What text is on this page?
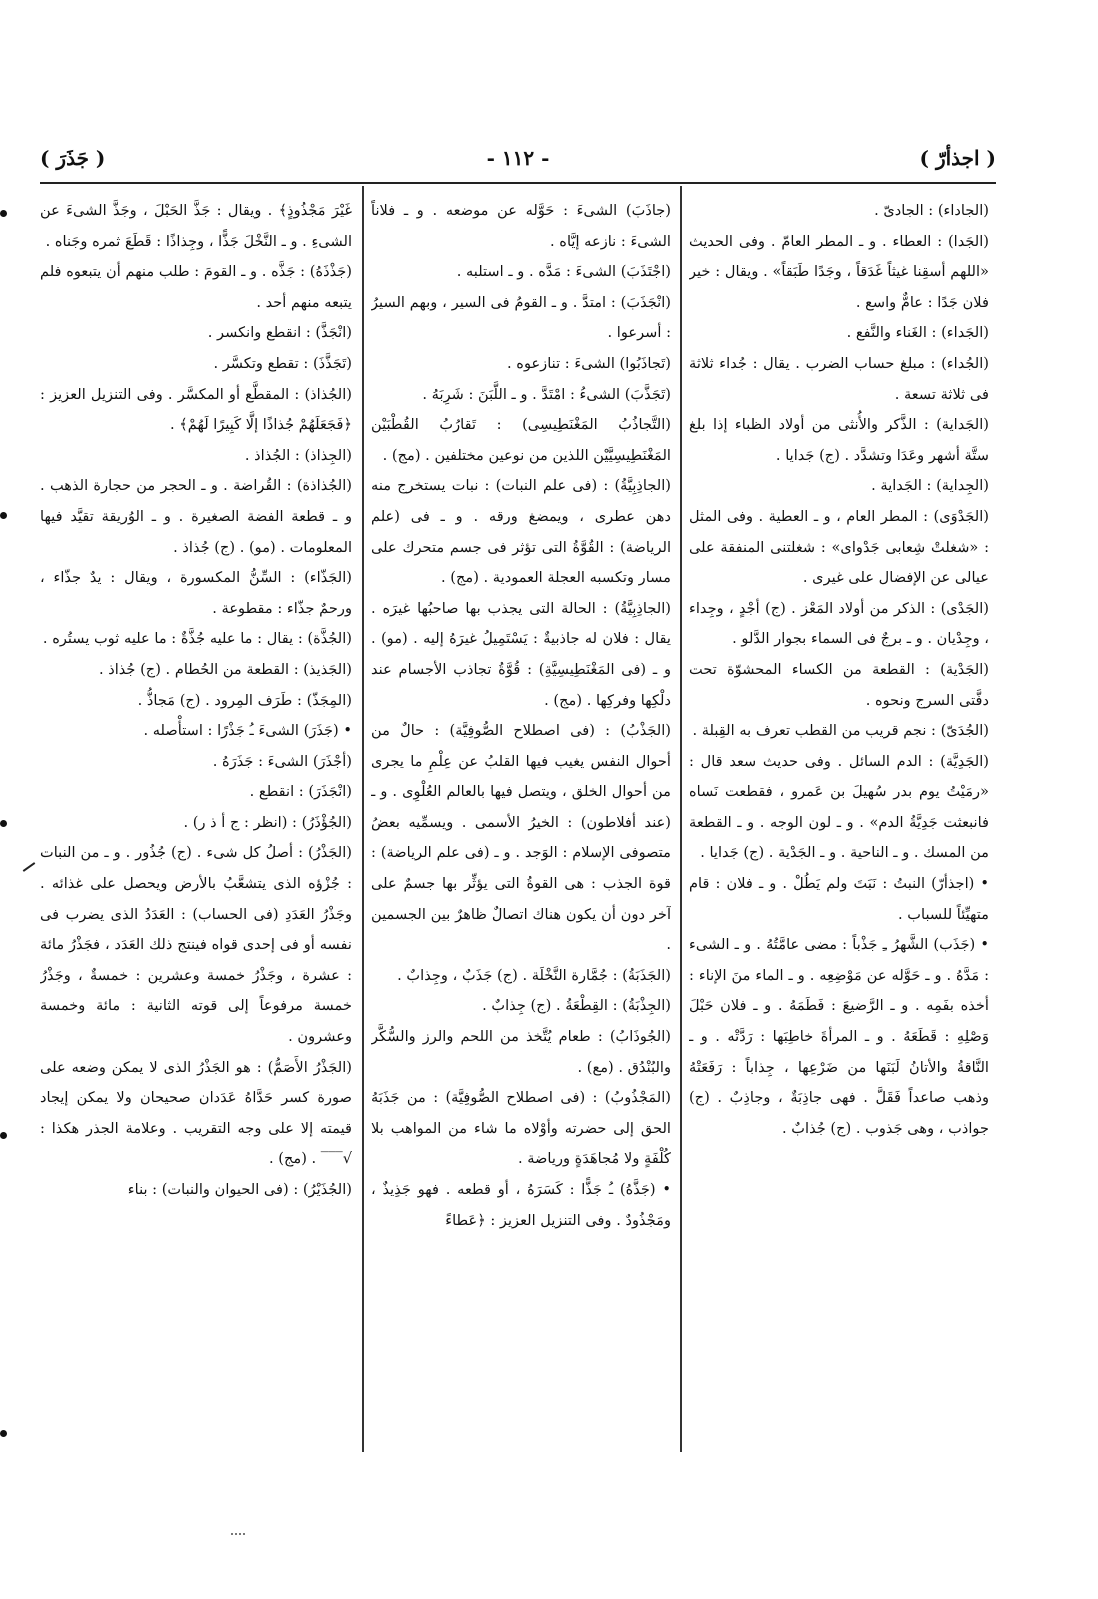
( اجذأرّ )
- ١١٢ -
( جَذَرَ )

(الجاداء) : الجادىّ .

(الجَدا) : العطاء . و ـ المطر العامّ . وفى الحديث «اللهم أسقِنا غيثاً غَدَقاً ، وجَدًا طَبَقاً» . ويقال : خير فلان جَدًا : عامٌّ واسع .

(الجَداء) : الغَناء والنَّفع .

(الجُداء) : مبلغ حساب الضرب . يقال : جُداء ثلاثة فى ثلاثة تسعة .

(الجَداية) : الذَّكر والأُنثى من أولاد الظباء إذا بلغ ستَّة أشهر وعَدَا وتشدَّد . (ج) جَدايا .

(الجِداية) : الجَداية .

(الجَدْوَى) : المطر العام ، و ـ العطية . وفى المثل : «شغلتْ شِعابى جَدْواى» : شغلتنى المنفقة على عيالى عن الإفضال على غيرى .

(الجَدْى) : الذكر من أولاد المَعْز . (ج) أجْدٍ ، وجِداء ، وجِدْيان . و ـ برجٌ فى السماء بجوار الدَّلو .

(الجَدْية) : القطعة من الكساء المحشوّة تحت دفَّتى السرج ونحوه .

(الجُدَىّ) : نجم قريب من القطب تعرف به القِبلة .

(الجَدِيَّة) : الدم السائل . وفى حديث سعد قال : «رمَيْتُ يوم بدر سُهيلَ بن عَمرو ، فقطعت نَساه فانبعثت جَدِيَّةُ الدم» . و ـ لون الوجه . و ـ القطعة من المسك . و ـ الناحية . و ـ الجَدْية . (ج) جَدايا .

• (اجذأرّ) النبتُ : نَبَتَ ولم يَطُلْ . و ـ فلان : قام متهيِّئاً للسباب .

• (جَذَب) الشَّهرُ ـِ جَذْباً : مضى عامَّتُهُ . و ـ الشىء : مَدَّهُ . و ـ حَوَّله عن مَوْضِعِه . و ـ الماء منَ الإناء : أخذه بفَمِه . و ـ الرَّضيعَ : فَطَمَهُ . و ـ فلان حَبْلَ وَصْلِهِ : قَطَعَهُ . و ـ المرأةَ خاطِبَها : رَدَّتْه . و ـ النَّاقةُ والأتانُ لَبَنَها من ضَرْعِها ، جِذاباً : رَفَعَتْهُ وذهب صاعداً فَقَلَّ . فهى جاذِبَةٌ ، وجاذِبٌ . (ج) جواذب ، وهى جَذوب . (ج) جُذابٌ .

(جاذَبَ) الشىءَ : حَوَّله عن موضعه . و ـ فلاناً الشىءَ : نازعه إيَّاه .

(اجْتَذَبَ) الشىءَ : مَدَّه . و ـ استلبه .

(انْجَذَبَ) : امتدَّ . و ـ القومُ فى السير ، وبهم السيرُ : أسرعوا .

(تَجاذَبُوا) الشىءَ : تنازعوه .

(تَجَذَّبَ) الشىءُ : امْتَدَّ . و ـ اللَّبَنَ : شَرِبَهُ .

(التَّجاذُبُ المَغْنَطِيسِى) : تَقارُبُ القُطْبَيْن المَغْنَطِيسِيَّيْن اللذين من نوعين مختلفين . (مج) .

(الجاذِبِيَّةُ) : (فى علم النبات) : نبات يستخرج منه دهن عطرى ، ويمضغ ورقه . و ـ فى (علم الرياضة) : القُوَّةُ التى تؤثر فى جسم متحرك على مسار وتكسبه العجلة العمودية . (مج) .

(الجاذِبِيَّةُ) : الحالة التى يجذب بها صاحبُها غيرَه . يقال : فلان له جاذبيةٌ : يَسْتَمِيلُ غيرَهُ إليه . (مو) . و ـ (فى المَغْنَطِيسِيَّةِ) : قُوَّةُ تجاذب الأجسام عند دلْكِها وفركِها . (مج) .

(الجَذْبُ) : (فى اصطلاح الصُّوفِيَّة) : حالٌ من أحوال النفس يغيب فيها القلبُ عن عِلْمِ ما يجرى من أحوال الخلق ، ويتصل فيها بالعالم العُلْوِى . و ـ (عند أفلاطون) : الخيرُ الأسمى . ويسمِّيه بعضُ متصوفى الإسلام : الوَجد . و ـ (فى علم الرياضة) : قوة الجذب : هى القوةُ التى يؤثِّر بها جسمٌ على آخر دون أن يكون هناك اتصالٌ ظاهرٌ بين الجسمين .

(الجَذَبَةُ) : جُمَّارة النَّخْلَة . (ج) جَذَبٌ ، وجِذابٌ .

(الجِذْبَةُ) : القِطْعَةُ . (ج) جِذابٌ .

(الجُوذَابُ) : طعام يُتَّخذ من اللحم والرز والسُّكَّر والبُنْدُق . (مع) .

(المَجْذُوبُ) : (فى اصطلاح الصُّوفِيَّة) : من جَذَبَهُ الحق إلى حضرته وأوْلاه ما شاء من المواهب بلا كُلْفَةٍ ولا مُجاهَدَةٍ ورياضة .

• (جَذَّهُ) ـُ جَذًّا : كَسَرَهُ ، أو قطعه . فهو جَذِيذٌ ، ومَجْذُودٌ . وفى التنزيل العزيز : ﴿عَطاءً

غَيْرَ مَجْذُوذٍ﴾ . ويقال : جَذَّ الحَبْلَ ، وجَذَّ الشىءَ عن الشىءِ . و ـ النَّخْلَ جَذًّا ، وجِذاذًا : قَطَعَ ثمره وجَناه .

(جَذْذَهُ) : جَذَّه . و ـ القومَ : طلب منهم أن يتبعوه فلم يتبعه منهم أحد .

(انْجَذَّ) : انقطع وانكسر .

(تَجَذَّذَ) : تقطع وتكسَّر .

(الجُذاذ) : المقطَّع أو المكسَّر . وفى التنزيل العزيز : ﴿فَجَعَلَهُمْ جُذاذًا إلَّا كَبِيرًا لَهُمْ﴾ .

(الجِذاذ) : الجُذاذ .

(الجُذاذة) : القُراضة . و ـ الحجر من حجارة الذهب . و ـ قطعة الفضة الصغيرة . و ـ الوُريقة تقيَّد فيها المعلومات . (مو) . (ج) جُذاذ .

(الجَذّاء) : السِّنُّ المكسورة ، ويقال : يدٌ جذّاء ، ورحمٌ جذّاء : مقطوعة .

(الجُذَّة) : يقال : ما عليه جُذَّةٌ : ما عليه ثوب يستُره .

(الجَذيذ) : القطعة من الحُطام . (ج) جُذاذ .

(المِجَذّ) : طَرَف المِرود . (ج) مَجاذُّ .

• (جَذَرَ) الشىءَ ـُ جَذْرًا : استأْصله .

(أجْذَرَ) الشىءَ : جَذَرَهُ .

(انْجَذَرَ) : انقطع .

(الجُؤْذَرُ) : (انظر : ج أ ذ ر) .

(الجَذْرُ) : أصلُ كل شىء . (ج) جُذُور . و ـ من النبات : جُزْؤه الذى يتشعَّبُ بالأرض ويحصل على غذائه . وجَذْرُ العَدَدِ (فى الحساب) : العَدَدُ الذى يضرب فى نفسه أو فى إحدى قواه فينتج ذلك العَدَد ، فجَذْرُ مائة : عشرة ، وجَذْرُ خمسة وعشرين : خمسةٌ ، وجَذْرُ خمسة مرفوعاً إلى قوته الثانية : مائة وخمسة وعشرون .

(الجَذْرُ الأَصَمُّ) : هو الجَذْرُ الذى لا يمكن وضعه على صورة كسر حَدَّاهُ عَدَدان صحيحان ولا يمكن إيجاد قيمته إلا على وجه التقريب . وعلامة الجذر هكذا : √‾‾‾ . (مج) .

(الجُذَيْرُ) : (فى الحيوان والنبات) : بناء
